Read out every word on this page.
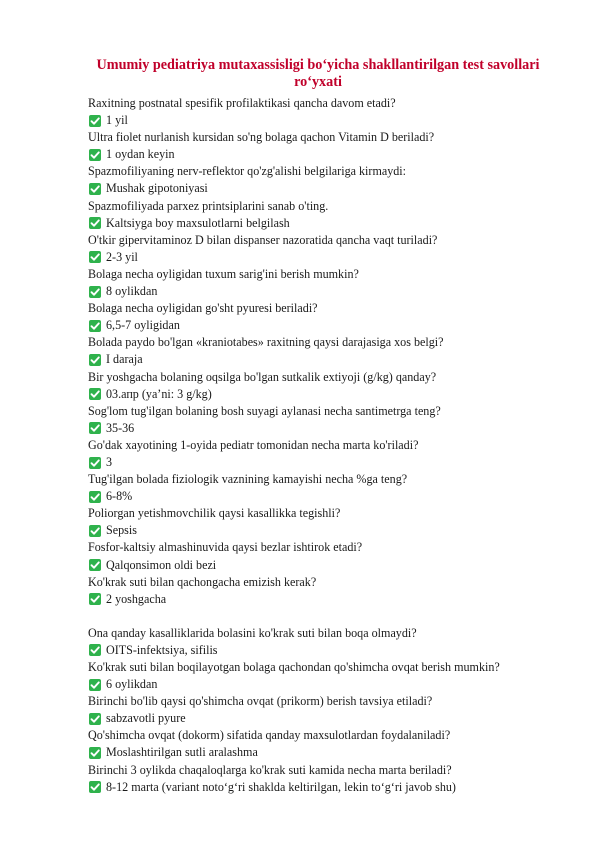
Umumiy pediatriya mutaxassisligi bo‘yicha shakllantirilgan test savollari ro‘yxati
Raxitning postnatal spesifik profilaktikasi qancha davom etadi?
1 yil
Ultra fiolet nurlanish kursidan so'ng bolaga qachon Vitamin D beriladi?
1 oydan keyin
Spazmofiliyaning nerv-reflektor qo'zg'alishi belgilariga kirmaydi:
Mushak gipotoniyasi
Spazmofiliyada parxez printsiplarini sanab o'ting.
Kaltsiyga boy maxsulotlarni belgilash
O'tkir gipervitaminoz D bilan dispanser nazoratida qancha vaqt turiladi?
2-3 yil
Bolaga necha oyligidan tuxum sarig'ini berish mumkin?
8 oylikdan
Bolaga necha oyligidan go'sht pyuresi beriladi?
6,5-7 oyligidan
Bolada paydo bo'lgan «kraniotabes» raxitning qaysi darajasiga xos belgi?
I daraja
Bir yoshgacha bolaning oqsilga bo'lgan sutkalik extiyoji (g/kg) qanday?
03.апр (ya’ni: 3 g/kg)
Sog'lom tug'ilgan bolaning bosh suyagi aylanasi necha santimetrga teng?
35-36
Go'dak xayotining 1-oyida pediatr tomonidan necha marta ko'riladi?
3
Tug'ilgan bolada fiziologik vaznining kamayishi necha %ga teng?
6-8%
Poliorgan yetishmovchilik qaysi kasallikka tegishli?
Sepsis
Fosfor-kaltsiy almashinuvida qaysi bezlar ishtirok etadi?
Qalqonsimon oldi bezi
Ko'krak suti bilan qachongacha emizish kerak?
2 yoshgacha
Ona qanday kasalliklarida bolasini ko'krak suti bilan boqa olmaydi?
OITS-infektsiya, sifilis
Ko'krak suti bilan boqilayotgan bolaga qachondan qo'shimcha ovqat berish mumkin?
6 oylikdan
Birinchi bo'lib qaysi qo'shimcha ovqat (prikorm) berish tavsiya etiladi?
sabzavotli pyure
Qo'shimcha ovqat (dokorm) sifatida qanday maxsulotlardan foydalaniladi?
Moslashtirilgan sutli aralashma
Birinchi 3 oylikda chaqaloqlarga ko'krak suti kamida necha marta beriladi?
8-12 marta (variant noto‘g‘ri shaklda keltirilgan, lekin to‘g‘ri javob shu)
